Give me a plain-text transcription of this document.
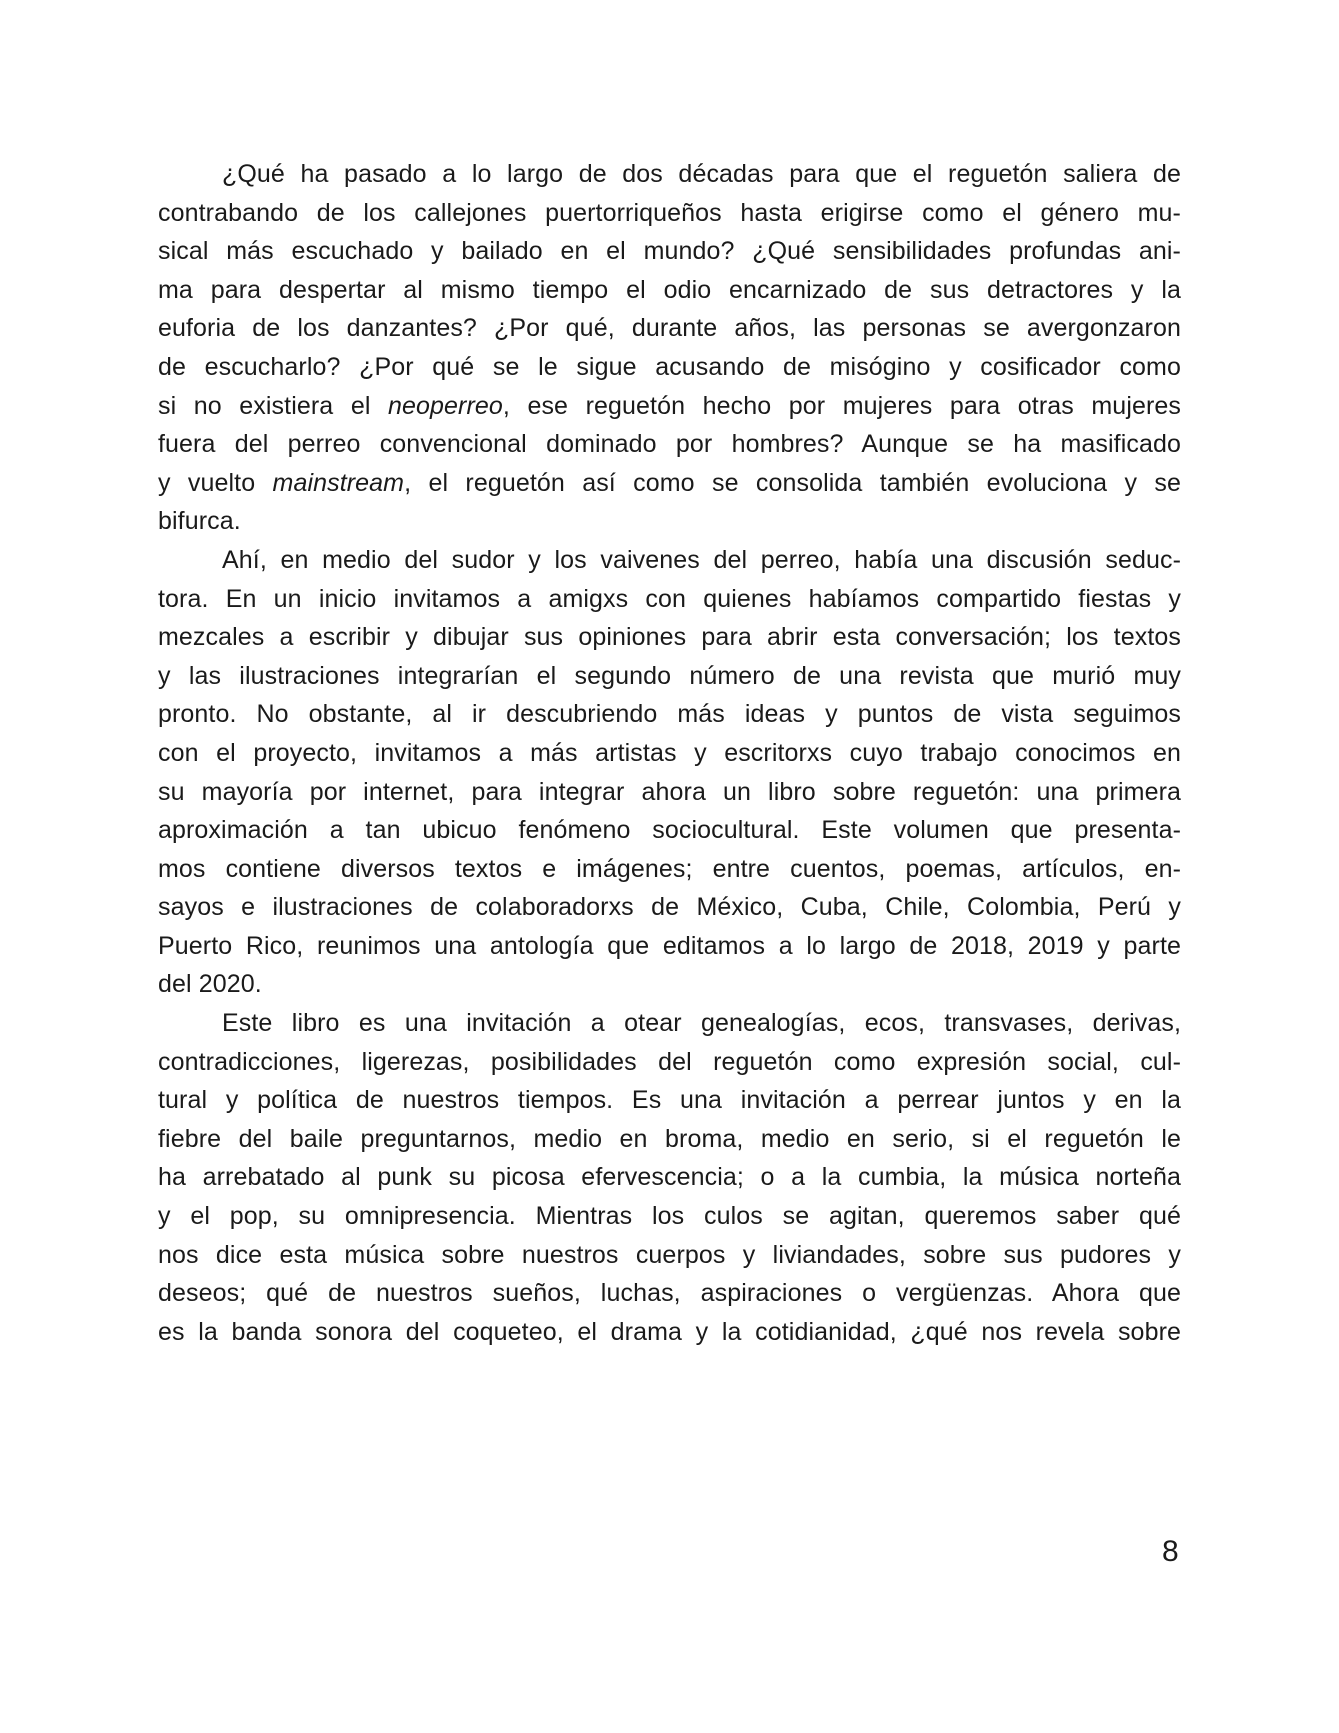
¿Qué ha pasado a lo largo de dos décadas para que el reguetón saliera de
contrabando de los callejones puertorriqueños hasta erigirse como el género mu-
sical más escuchado y bailado en el mundo? ¿Qué sensibilidades profundas ani-
ma para despertar al mismo tiempo el odio encarnizado de sus detractores y la
euforia de los danzantes? ¿Por qué, durante años, las personas se avergonzaron
de escucharlo? ¿Por qué se le sigue acusando de misógino y cosificador como
si no existiera el neoperreo, ese reguetón hecho por mujeres para otras mujeres
fuera del perreo convencional dominado por hombres? Aunque se ha masificado
y vuelto mainstream, el reguetón así como se consolida también evoluciona y se
bifurca.
Ahí, en medio del sudor y los vaivenes del perreo, había una discusión seduc-
tora. En un inicio invitamos a amigxs con quienes habíamos compartido fiestas y
mezcales a escribir y dibujar sus opiniones para abrir esta conversación; los textos
y las ilustraciones integrarían el segundo número de una revista que murió muy
pronto. No obstante, al ir descubriendo más ideas y puntos de vista seguimos
con el proyecto, invitamos a más artistas y escritorxs cuyo trabajo conocimos en
su mayoría por internet, para integrar ahora un libro sobre reguetón: una primera
aproximación a tan ubicuo fenómeno sociocultural. Este volumen que presenta-
mos contiene diversos textos e imágenes; entre cuentos, poemas, artículos, en-
sayos e ilustraciones de colaboradorxs de México, Cuba, Chile, Colombia, Perú y
Puerto Rico, reunimos una antología que editamos a lo largo de 2018, 2019 y parte
del 2020.
Este libro es una invitación a otear genealogías, ecos, transvases, derivas,
contradicciones, ligerezas, posibilidades del reguetón como expresión social, cul-
tural y política de nuestros tiempos. Es una invitación a perrear juntos y en la
fiebre del baile preguntarnos, medio en broma, medio en serio, si el reguetón le
ha arrebatado al punk su picosa efervescencia; o a la cumbia, la música norteña
y el pop, su omnipresencia. Mientras los culos se agitan, queremos saber qué
nos dice esta música sobre nuestros cuerpos y liviandades, sobre sus pudores y
deseos; qué de nuestros sueños, luchas, aspiraciones o vergüenzas. Ahora que
es la banda sonora del coqueteo, el drama y la cotidianidad, ¿qué nos revela sobre
8
